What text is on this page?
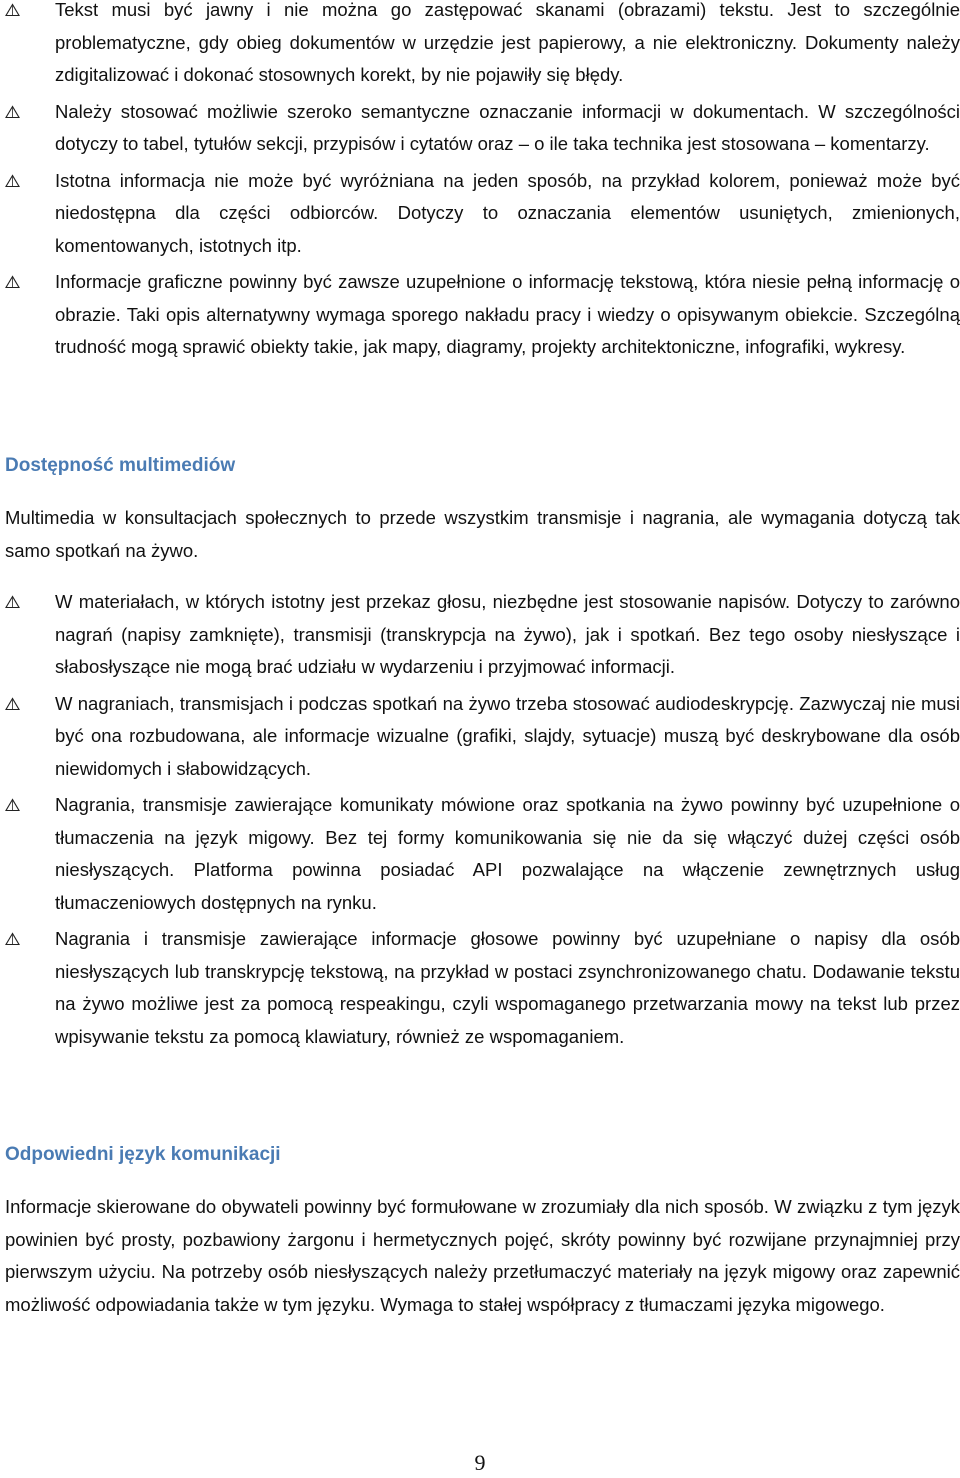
Tekst musi być jawny i nie można go zastępować skanami (obrazami) tekstu. Jest to szczególnie problematyczne, gdy obieg dokumentów w urzędzie jest papierowy, a nie elektroniczny. Dokumenty należy zdigitalizować i dokonać stosownych korekt, by nie pojawiły się błędy.
Należy stosować możliwie szeroko semantyczne oznaczanie informacji w dokumentach. W szczególności dotyczy to tabel, tytułów sekcji, przypisów i cytatów oraz – o ile taka technika jest stosowana – komentarzy.
Istotna informacja nie może być wyróżniana na jeden sposób, na przykład kolorem, ponieważ może być niedostępna dla części odbiorców. Dotyczy to oznaczania elementów usuniętych, zmienionych, komentowanych, istotnych itp.
Informacje graficzne powinny być zawsze uzupełnione o informację tekstową, która niesie pełną informację o obrazie. Taki opis alternatywny wymaga sporego nakładu pracy i wiedzy o opisywanym obiekcie. Szczególną trudność mogą sprawić obiekty takie, jak mapy, diagramy, projekty architektoniczne, infografiki, wykresy.
Dostępność multimediów

Multimedia w konsultacjach społecznych to przede wszystkim transmisje i nagrania, ale wymagania dotyczą tak samo spotkań na żywo.

W materiałach, w których istotny jest przekaz głosu, niezbędne jest stosowanie napisów. Dotyczy to zarówno nagrań (napisy zamknięte), transmisji (transkrypcja na żywo), jak i spotkań. Bez tego osoby niesłyszące i słabosłyszące nie mogą brać udziału w wydarzeniu i przyjmować informacji.
W nagraniach, transmisjach i podczas spotkań na żywo trzeba stosować audiodeskrypcję. Zazwyczaj nie musi być ona rozbudowana, ale informacje wizualne (grafiki, slajdy, sytuacje) muszą być deskrybowane dla osób niewidomych i słabowidzących.
Nagrania, transmisje zawierające komunikaty mówione oraz spotkania na żywo powinny być uzupełnione o tłumaczenia na język migowy. Bez tej formy komunikowania się nie da się włączyć dużej części osób niesłyszących. Platforma powinna posiadać API pozwalające na włączenie zewnętrznych usług tłumaczeniowych dostępnych na rynku.
Nagrania i transmisje zawierające informacje głosowe powinny być uzupełniane o napisy dla osób niesłyszących lub transkrypcję tekstową, na przykład w postaci zsynchronizowanego chatu. Dodawanie tekstu na żywo możliwe jest za pomocą respeakingu, czyli wspomaganego przetwarzania mowy na tekst lub przez wpisywanie tekstu za pomocą klawiatury, również ze wspomaganiem.
Odpowiedni język komunikacji

Informacje skierowane do obywateli powinny być formułowane w zrozumiały dla nich sposób. W związku z tym język powinien być prosty, pozbawiony żargonu i hermetycznych pojęć, skróty powinny być rozwijane przynajmniej przy pierwszym użyciu. Na potrzeby osób niesłyszących należy przetłumaczyć materiały na język migowy oraz zapewnić możliwość odpowiadania także w tym języku. Wymaga to stałej współpracy z tłumaczami języka migowego.

9
